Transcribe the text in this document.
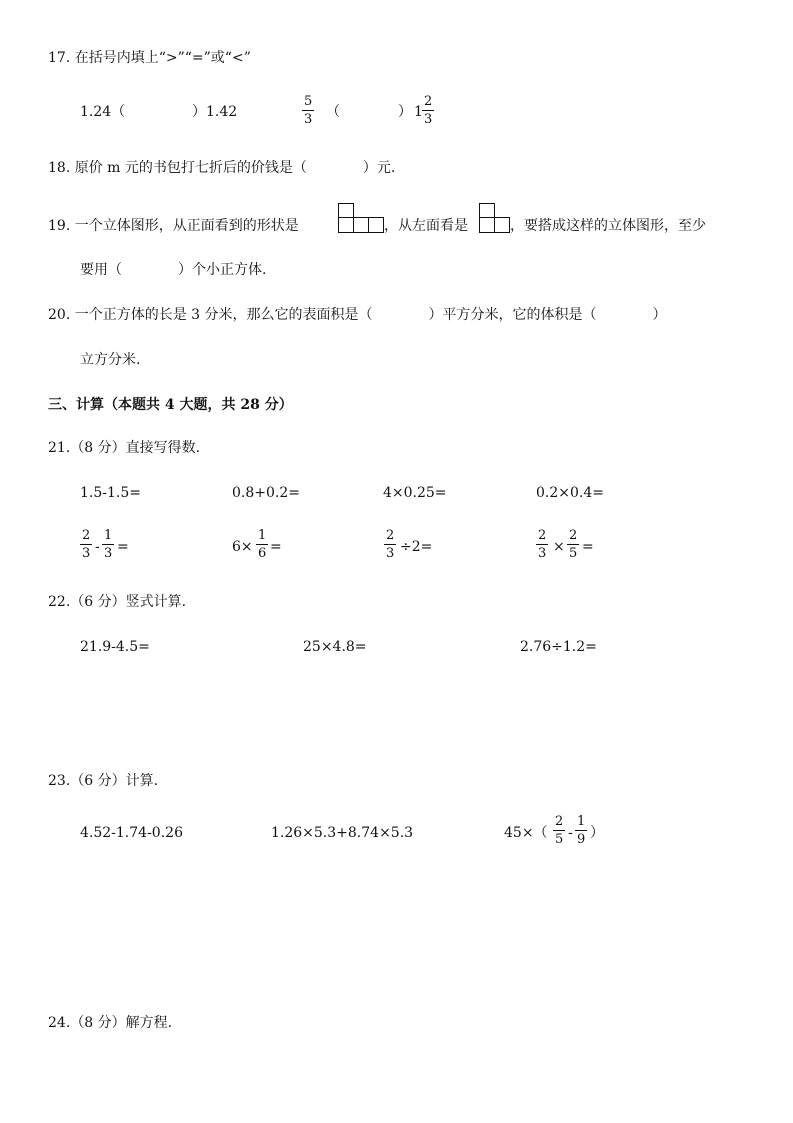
17. 在括号内填上“>”“=”或“<”
1.24（	）1.42	$\frac{5}{3}$ （	） $1 \frac{2}{3}$
18. 原价 m 元的书包打七折后的价钱是（　　　　）元.
19. 一个立体图形，从正面看到的形状是	，从左面看是	，要搭成这样的立体图形，至少
要用（　　　　）个小正方体.
20. 一个正方体的长是 3 分米，那么它的表面积是（　　　　）平方分米，它的体积是（　　　　）
立方分米.
三、计算（本题共 4 大题，共 28 分）
21.（8 分）直接写得数.
1.5-1.5=	0.8+0.2=	4×0.25=	0.2×0.4=
$\frac{2}{3} - \frac{1}{3}$ =	$6\times \frac{1}{6}$ =	$\frac{2}{3} \div 2=$	$\frac{2}{3} \times \frac{2}{5}$ =
22.（6 分）竖式计算.
21.9-4.5=	25×4.8=	2.76÷1.2=
23.（6 分）计算.
4.52-1.74-0.26	1.26×5.3+8.74×5.3	$45\times( \frac{2}{5} - \frac{1}{9}$ ）
24.（8 分）解方程.
